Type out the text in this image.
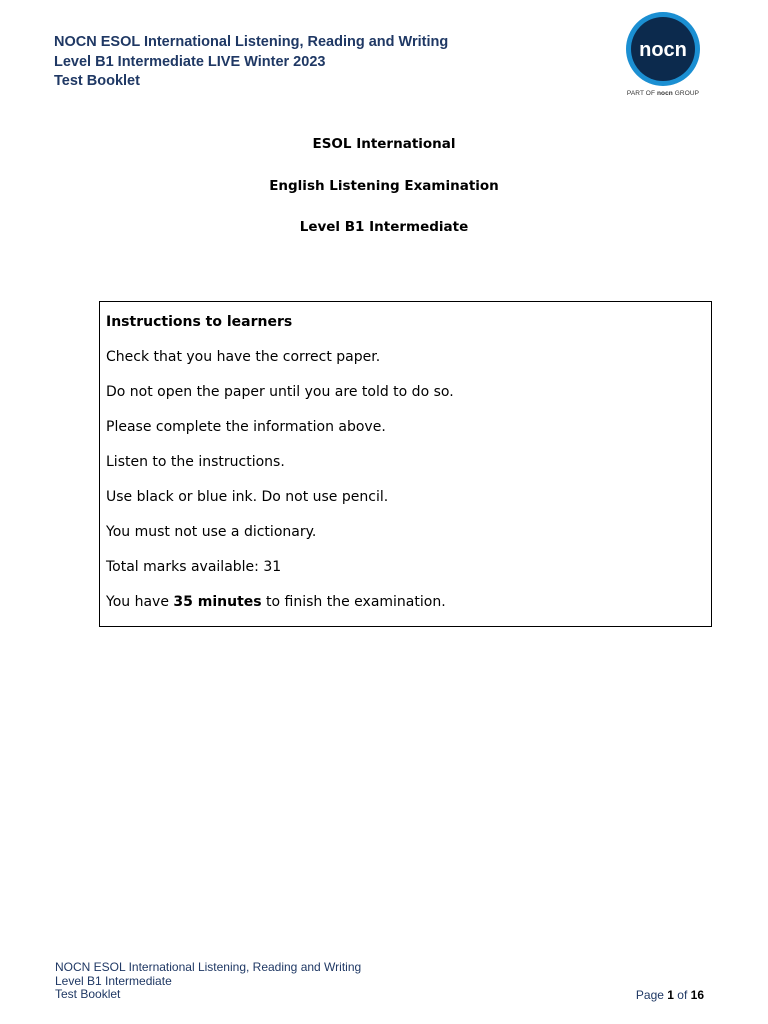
NOCN ESOL International Listening, Reading and Writing
Level B1 Intermediate LIVE Winter 2023
Test Booklet
nocn
PART OF nocn GROUP
ESOL International
English Listening Examination
Level B1 Intermediate
Instructions to learners
Check that you have the correct paper.
Do not open the paper until you are told to do so.
Please complete the information above.
Listen to the instructions.
Use black or blue ink. Do not use pencil.
You must not use a dictionary.
Total marks available: 31
You have 35 minutes to finish the examination.
NOCN ESOL International Listening, Reading and Writing
Level B1 Intermediate
Test Booklet	Page 1 of 16
